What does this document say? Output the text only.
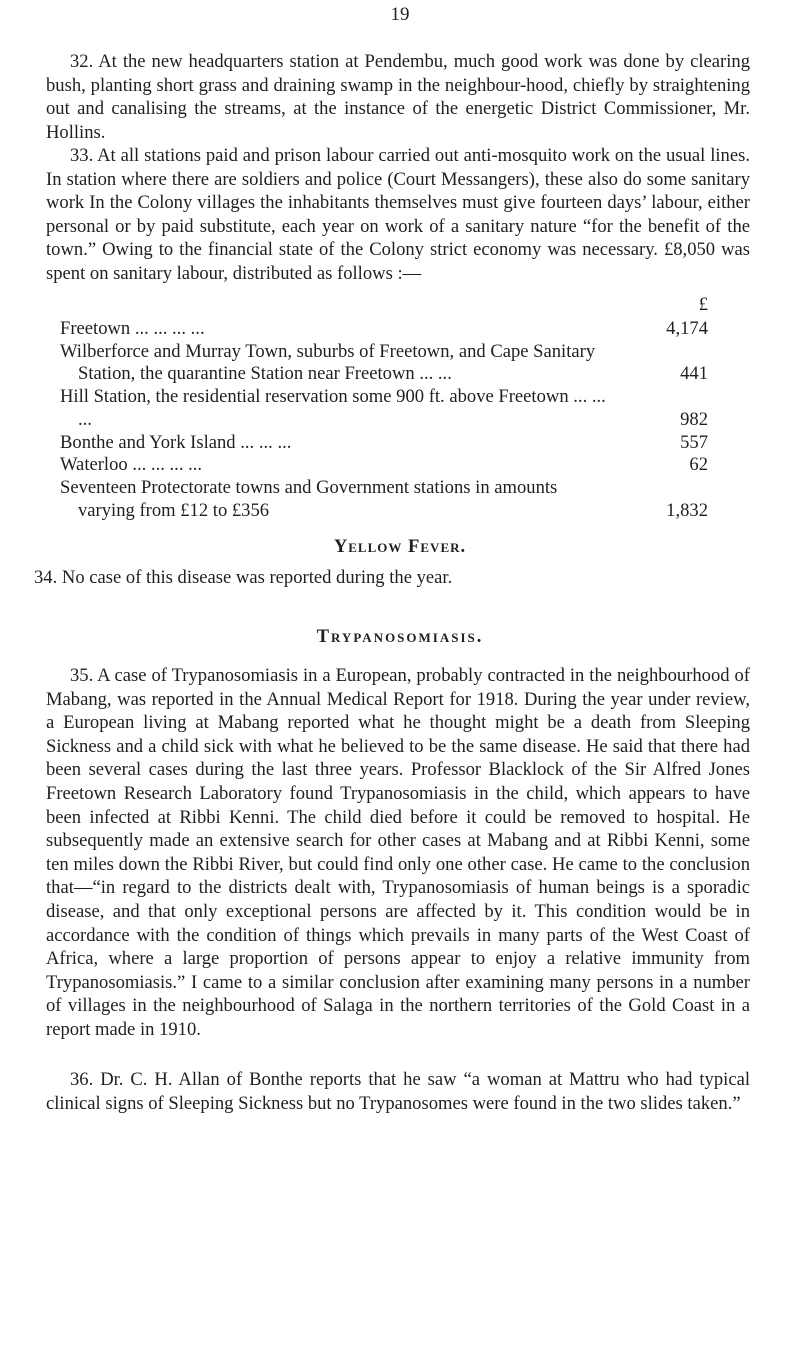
19

32. At the new headquarters station at Pendembu, much good work was done by clearing bush, planting short grass and draining swamp in the neighbour-hood, chiefly by straightening out and canalising the streams, at the instance of the energetic District Commissioner, Mr. Hollins.

33. At all stations paid and prison labour carried out anti-mosquito work on the usual lines. In station where there are soldiers and police (Court Messangers), these also do some sanitary work In the Colony villages the inhabitants themselves must give fourteen days’ labour, either personal or by paid substitute, each year on work of a sanitary nature “for the benefit of the town.” Owing to the financial state of the Colony strict economy was necessary. £8,050 was spent on sanitary labour, distributed as follows :—

£
Freetown ... ... ... ...	4,174
Wilberforce and Murray Town, suburbs of Freetown, and Cape Sanitary Station, the quarantine Station near Freetown ... ...	441
Hill Station, the residential reservation some 900 ft. above Freetown ... ... ...	982
Bonthe and York Island ... ... ...	557
Waterloo ... ... ... ...	62
Seventeen Protectorate towns and Government stations in amounts varying from £12 to £356	1,832
Yellow Fever.

34. No case of this disease was reported during the year.

Trypanosomiasis.

35. A case of Trypanosomiasis in a European, probably contracted in the neighbourhood of Mabang, was reported in the Annual Medical Report for 1918. During the year under review, a European living at Mabang reported what he thought might be a death from Sleeping Sickness and a child sick with what he believed to be the same disease. He said that there had been several cases during the last three years. Professor Blacklock of the Sir Alfred Jones Freetown Research Laboratory found Trypanosomiasis in the child, which appears to have been infected at Ribbi Kenni. The child died before it could be removed to hospital. He subsequently made an extensive search for other cases at Mabang and at Ribbi Kenni, some ten miles down the Ribbi River, but could find only one other case. He came to the conclusion that—“in regard to the districts dealt with, Trypanosomiasis of human beings is a sporadic disease, and that only exceptional persons are affected by it. This condition would be in accordance with the condition of things which prevails in many parts of the West Coast of Africa, where a large proportion of persons appear to enjoy a relative immunity from Trypanosomiasis.” I came to a similar conclusion after examining many persons in a number of villages in the neighbourhood of Salaga in the northern territories of the Gold Coast in a report made in 1910.

36. Dr. C. H. Allan of Bonthe reports that he saw “a woman at Mattru who had typical clinical signs of Sleeping Sickness but no Trypanosomes were found in the two slides taken.”
